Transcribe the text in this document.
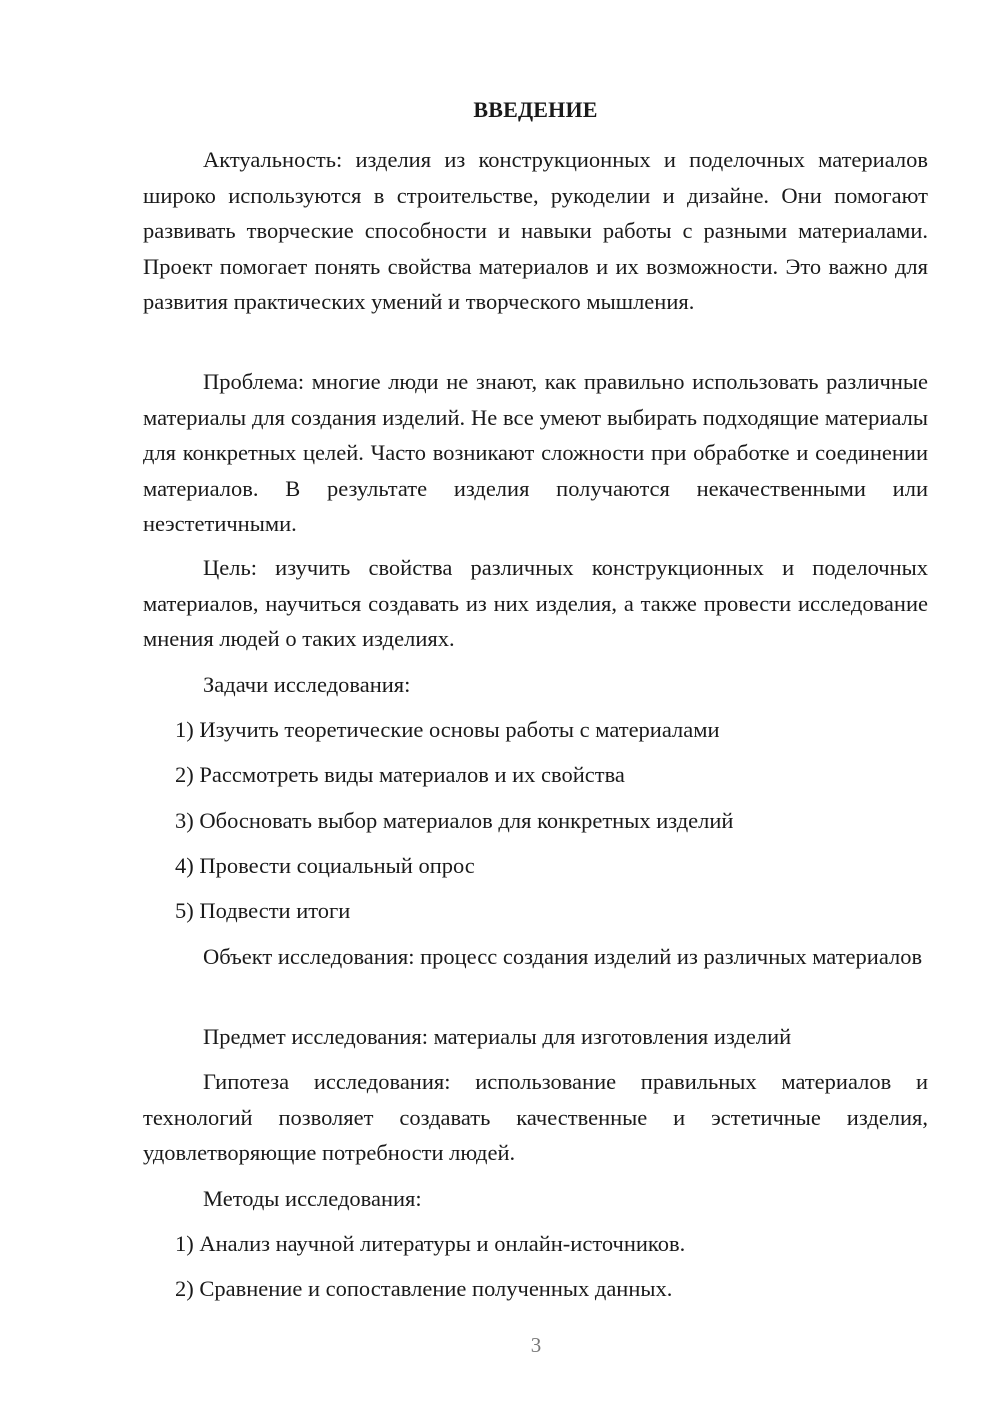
ВВЕДЕНИЕ

Актуальность: изделия из конструкционных и поделочных материалов широко используются в строительстве, рукоделии и дизайне. Они помогают развивать творческие способности и навыки работы с разными материалами. Проект помогает понять свойства материалов и их возможности. Это важно для развития практических умений и творческого мышления.

Проблема: многие люди не знают, как правильно использовать различные материалы для создания изделий. Не все умеют выбирать подходящие материалы для конкретных целей. Часто возникают сложности при обработке и соединении материалов. В результате изделия получаются некачественными или неэстетичными.

Цель: изучить свойства различных конструкционных и поделочных материалов, научиться создавать из них изделия, а также провести исследование мнения людей о таких изделиях.

Задачи исследования:

1) Изучить теоретические основы работы с материалами

2) Рассмотреть виды материалов и их свойства

3) Обосновать выбор материалов для конкретных изделий

4) Провести социальный опрос

5) Подвести итоги

Объект исследования: процесс создания изделий из различных материалов

Предмет исследования: материалы для изготовления изделий

Гипотеза исследования: использование правильных материалов и технологий позволяет создавать качественные и эстетичные изделия, удовлетворяющие потребности людей.

Методы исследования:

1) Анализ научной литературы и онлайн-источников.

2) Сравнение и сопоставление полученных данных.

3
